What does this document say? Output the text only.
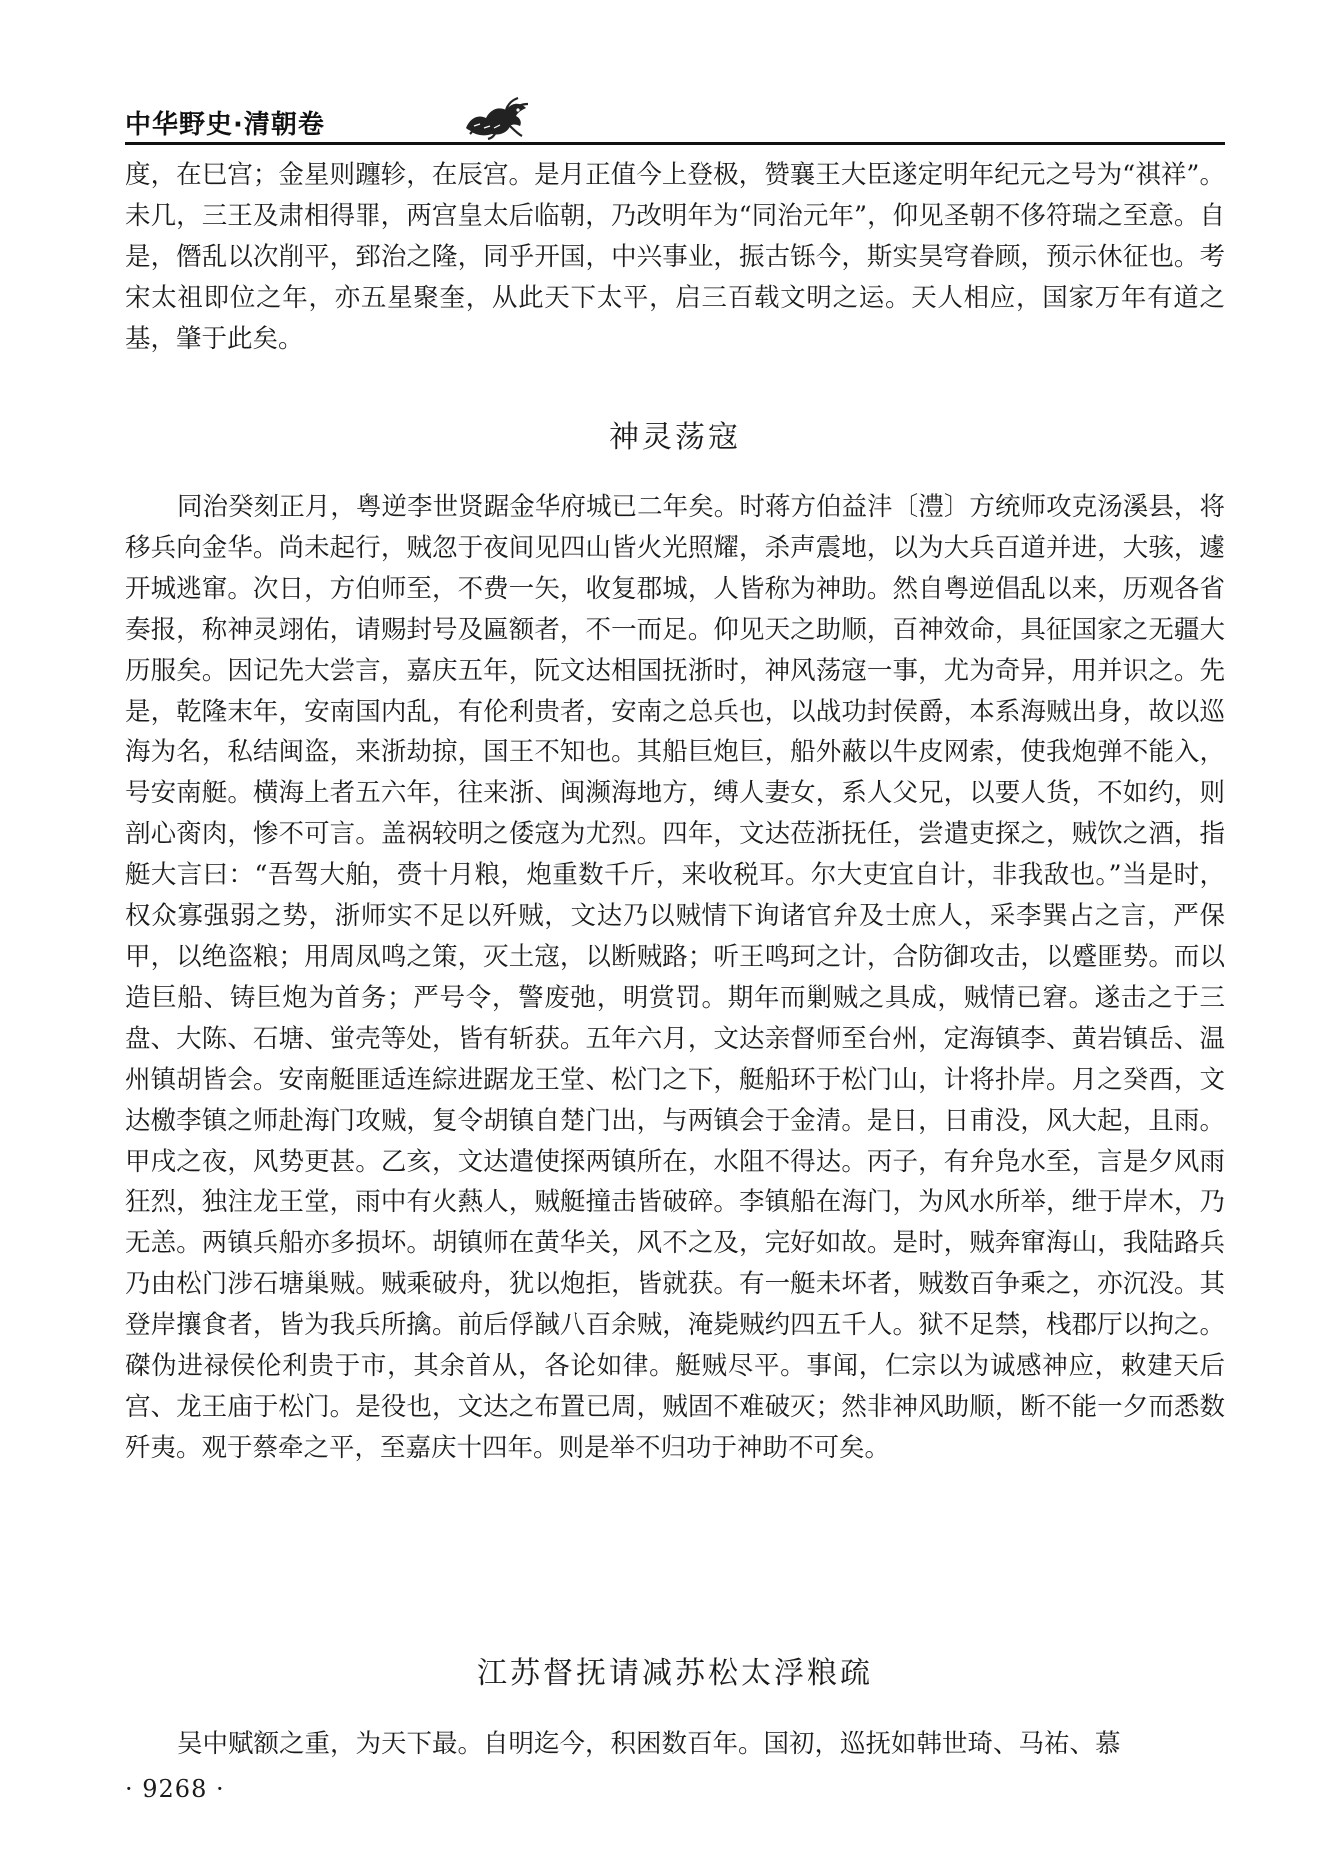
中华野史·清朝卷
度，在巳宫；金星则躔轸，在辰宫。是月正值今上登极，赞襄王大臣遂定明年纪元之号为“祺祥”。未几，三王及肃相得罪，两宫皇太后临朝，乃改明年为“同治元年”，仰见圣朝不侈符瑞之至意。自是，僭乱以次削平，郅治之隆，同乎开国，中兴事业，振古铄今，斯实昊穹眷顾，预示休征也。考宋太祖即位之年，亦五星聚奎，从此天下太平，启三百载文明之运。天人相应，国家万年有道之基，肇于此矣。
神灵荡寇
同治癸刻正月，粤逆李世贤踞金华府城已二年矣。时蒋方伯益沣〔澧〕方统师攻克汤溪县，将移兵向金华。尚未起行，贼忽于夜间见四山皆火光照耀，杀声震地，以为大兵百道并进，大骇，遽开城逃窜。次日，方伯师至，不费一矢，收复郡城，人皆称为神助。然自粤逆倡乱以来，历观各省奏报，称神灵翊佑，请赐封号及匾额者，不一而足。仰见天之助顺，百神效命，具征国家之无疆大历服矣。因记先大尝言，嘉庆五年，阮文达相国抚浙时，神风荡寇一事，尤为奇异，用并识之。先是，乾隆末年，安南国内乱，有伦利贵者，安南之总兵也，以战功封侯爵，本系海贼出身，故以巡海为名，私结闽盗，来浙劫掠，国王不知也。其船巨炮巨，船外蔽以牛皮网索，使我炮弹不能入，号安南艇。横海上者五六年，往来浙、闽濒海地方，缚人妻女，系人父兄，以要人货，不如约，则剖心脔肉，惨不可言。盖祸较明之倭寇为尤烈。四年，文达莅浙抚任，尝遣吏探之，贼饮之酒，指艇大言曰：“吾驾大舶，赍十月粮，炮重数千斤，来收税耳。尔大吏宜自计，非我敌也。”当是时，权众寡强弱之势，浙师实不足以歼贼，文达乃以贼情下询诸官弁及士庶人，采李巽占之言，严保甲，以绝盗粮；用周凤鸣之策，灭土寇，以断贼路；听王鸣珂之计，合防御攻击，以蹙匪势。而以造巨船、铸巨炮为首务；严号令，警废弛，明赏罚。期年而剿贼之具成，贼情已窘。遂击之于三盘、大陈、石塘、蛍壳等处，皆有斩获。五年六月，文达亲督师至台州，定海镇李、黄岩镇岳、温州镇胡皆会。安南艇匪适连綜进踞龙王堂、松门之下，艇船环于松门山，计将扑岸。月之癸酉，文达檄李镇之师赴海门攻贼，复令胡镇自楚门出，与两镇会于金清。是日，日甫没，风大起，且雨。甲戌之夜，风势更甚。乙亥，文达遣使探两镇所在，水阻不得达。丙子，有弁凫水至，言是夕风雨狂烈，独注龙王堂，雨中有火爇人，贼艇撞击皆破碎。李镇船在海门，为风水所举，绁于岸木，乃无恙。两镇兵船亦多损坏。胡镇师在黄华关，风不之及，完好如故。是时，贼奔窜海山，我陆路兵乃由松门涉石塘巢贼。贼乘破舟，犹以炮拒，皆就获。有一艇未坏者，贼数百争乘之，亦沉没。其登岸攘食者，皆为我兵所擒。前后俘馘八百余贼，淹毙贼约四五千人。狱不足禁，栈郡厅以拘之。磔伪进禄侯伦利贵于市，其余首从，各论如律。艇贼尽平。事闻，仁宗以为诚感神应，敕建天后宫、龙王庙于松门。是役也，文达之布置已周，贼固不难破灭；然非神风助顺，断不能一夕而悉数歼夷。观于蔡牵之平，至嘉庆十四年。则是举不归功于神助不可矣。
江苏督抚请减苏松太浮粮疏
吴中赋额之重，为天下最。自明迄今，积困数百年。国初，巡抚如韩世琦、马祐、慕
· 9268 ·
